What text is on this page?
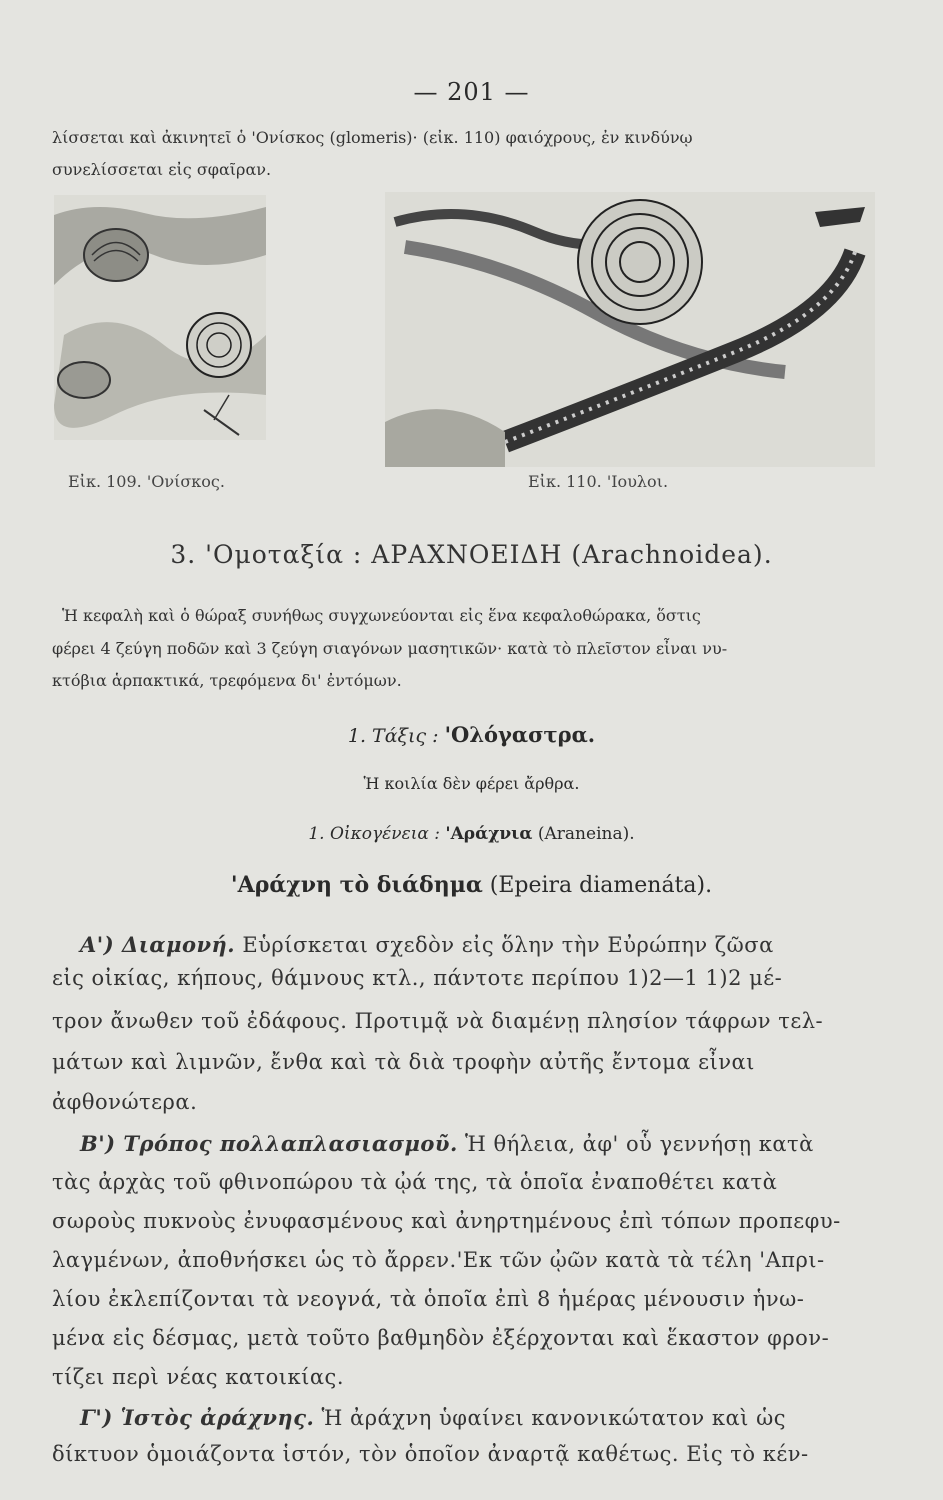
— 201 —
λίσσεται καὶ ἀκινητεῖ ὁ 'Ονίσκος (glomeris)· (εἰκ. 110) φαιόχρους, ἐν κινδύνῳ
συνελίσσεται εἰς σφαῖραν.
Εἰκ. 109. 'Ονίσκος.	Εἰκ. 110. 'Ιουλοι.
3. 'Ομοταξία : ΑΡΑΧΝΟΕΙΔΗ (Arachnoidea).
Ἡ κεφαλὴ καὶ ὁ θώραξ συνήθως συγχωνεύονται εἰς ἕνα κεφαλοθώρακα, ὅστις
φέρει 4 ζεύγη ποδῶν καὶ 3 ζεύγη σιαγόνων μασητικῶν· κατὰ τὸ πλεῖστον εἶναι νυ-
κτόβια ἁρπακτικά, τρεφόμενα δι' ἐντόμων.
1. Τάξις : 'Ολόγαστρα.
Ἡ κοιλία δὲν φέρει ἄρθρα.
1. Οἰκογένεια : 'Αράχνια (Araneina).
'Αράχνη τὸ διάδημα (Epeira diamenáta).
Α') Διαμονή. Εὑρίσκεται σχεδὸν εἰς ὅλην τὴν Εὐρώπην ζῶσα
εἰς οἰκίας, κήπους, θάμνους κτλ., πάντοτε περίπου 1)2—1 1)2 μέ-
τρον ἄνωθεν τοῦ ἐδάφους. Προτιμᾷ νὰ διαμένῃ πλησίον τάφρων τελ-
μάτων καὶ λιμνῶν, ἔνθα καὶ τὰ διὰ τροφὴν αὐτῆς ἔντομα εἶναι
ἀφθονώτερα.
Β') Τρόπος πολλαπλασιασμοῦ. Ἡ θήλεια, ἀφ' οὗ γεννήσῃ κατὰ
τὰς ἀρχὰς τοῦ φθινοπώρου τὰ ᾠά της, τὰ ὁποῖα ἐναποθέτει κατὰ
σωροὺς πυκνοὺς ἐνυφασμένους καὶ ἀνηρτημένους ἐπὶ τόπων προπεφυ-
λαγμένων, ἀποθνήσκει ὡς τὸ ἄρρεν.'Εκ τῶν ᾠῶν κατὰ τὰ τέλη 'Απρι-
λίου ἐκλεπίζονται τὰ νεογνά, τὰ ὁποῖα ἐπὶ 8 ἡμέρας μένουσιν ἡνω-
μένα εἰς δέσμας, μετὰ τοῦτο βαθμηδὸν ἐξέρχονται καὶ ἕκαστον φρον-
τίζει περὶ νέας κατοικίας.
Γ') Ἱστὸς ἀράχνης. Ἡ ἀράχνη ὑφαίνει κανονικώτατον καὶ ὡς
δίκτυον ὁμοιάζοντα ἱστόν, τὸν ὁποῖον ἀναρτᾷ καθέτως. Εἰς τὸ κέν-
